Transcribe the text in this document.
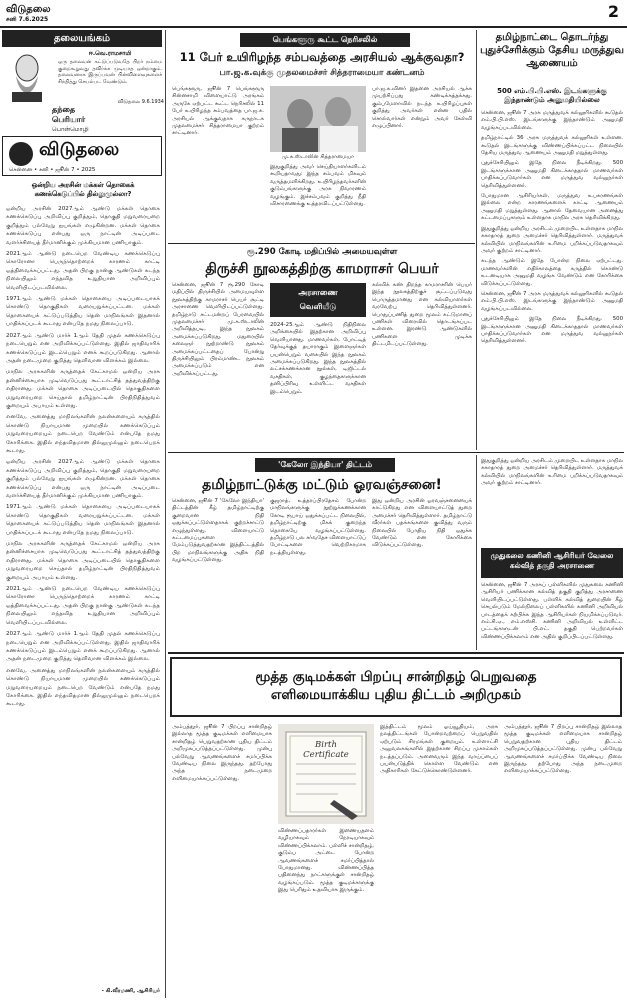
விடுதலை
சனி 7.6.2025	2
தலையங்கம்
ஈ.வெ.ராமசாமி
ஒரு தலைவன் கட்டுப்படுவதே பிறர் நம்மை குறைகூறுவது தவிர்க்க முடியாத ஒன்றாகும். தலைவனாக இருப்பவன் பின்விளைவுகளைச் சிந்தித்து செயல்பட வேண்டும்.
விடுதலை 9.6.1934
தந்தை
பெரியார்
பொன்மொழி
விடுதலை
சென்னை • சனி • ஜூன் 7 • 2025
ஒன்றிய அரசின் மக்கள் தொகைக் கணக்கெடுப்பில் தில்லுமுல்லா?

ஒன்றிய அரசின் 2027ஆம் ஆண்டு மக்கள் தொகை கணக்கெடுப்பு அறிவிப்பு குறித்தும், தொகுதி மறுவரையறை குறித்தும் பல்வேறு ஐயங்கள் எழுகின்றன. மக்கள் தொகை கணக்கெடுப்பு என்பது ஒரு நாட்டின் அடிப்படை வளர்ச்சியைத் தீர்மானிக்கும் முக்கியமான பணியாகும்.

2021ஆம் ஆண்டு நடைபெற வேண்டிய கணக்கெடுப்பு கொரோனா பெருந்தொற்றைக் காரணம் காட்டி ஒத்திவைக்கப்பட்டது. அதன் பிறகு நான்கு ஆண்டுகள் கடந்த நிலையிலும் எந்தவித உறுதியான அறிவிப்பும் வெளியிடப்படவில்லை.

1971ஆம் ஆண்டு மக்கள் தொகையை அடிப்படையாகக் கொண்டு தொகுதிகள் வரையறுக்கப்பட்டன. மக்கள் தொகையைக் கட்டுப்படுத்திய தென் மாநிலங்கள் இதனால் பாதிக்கப்படக் கூடாது என்பதே நமது நிலைப்பாடு.

2027ஆம் ஆண்டு மார்ச் 1ஆம் தேதி முதல் கணக்கெடுப்பு நடைபெறும் என அறிவிக்கப்பட்டுள்ளது. இதில் ஜாதிவாரிக் கணக்கெடுப்பும் இடம்பெறும் எனக் கூறப்படுகிறது. ஆனால் அதன் நடைமுறை குறித்து தெளிவான விளக்கம் இல்லை.

மாநில அரசுகளின் கருத்தைக் கேட்காமல் ஒன்றிய அரசு தன்னிச்சையாக முடிவெடுப்பது கூட்டாட்சித் தத்துவத்திற்கு எதிரானது. மக்கள் தொகை அடிப்படையில் தொகுதிகளை மறுவரையறை செய்தால் தமிழ்நாட்டின் பிரதிநிதித்துவம் குறையும் அபாயம் உள்ளது.

எனவே, அனைத்து மாநிலங்களின் நலன்களையும் கருத்தில் கொண்டு நியாயமான முறையில் கணக்கெடுப்பும் மறுவரையறையும் நடைபெற வேண்டும் என்பதே நமது கோரிக்கை. இதில் எந்தவிதமான தில்லுமுல்லும் நடைபெறக் கூடாது.

ஒன்றிய அரசின் 2027ஆம் ஆண்டு மக்கள் தொகை கணக்கெடுப்பு அறிவிப்பு குறித்தும், தொகுதி மறுவரையறை குறித்தும் பல்வேறு ஐயங்கள் எழுகின்றன. மக்கள் தொகை கணக்கெடுப்பு என்பது ஒரு நாட்டின் அடிப்படை வளர்ச்சியைத் தீர்மானிக்கும் முக்கியமான பணியாகும்.

1971ஆம் ஆண்டு மக்கள் தொகையை அடிப்படையாகக் கொண்டு தொகுதிகள் வரையறுக்கப்பட்டன. மக்கள் தொகையைக் கட்டுப்படுத்திய தென் மாநிலங்கள் இதனால் பாதிக்கப்படக் கூடாது என்பதே நமது நிலைப்பாடு.

மாநில அரசுகளின் கருத்தைக் கேட்காமல் ஒன்றிய அரசு தன்னிச்சையாக முடிவெடுப்பது கூட்டாட்சித் தத்துவத்திற்கு எதிரானது. மக்கள் தொகை அடிப்படையில் தொகுதிகளை மறுவரையறை செய்தால் தமிழ்நாட்டின் பிரதிநிதித்துவம் குறையும் அபாயம் உள்ளது.

2021ஆம் ஆண்டு நடைபெற வேண்டிய கணக்கெடுப்பு கொரோனா பெருந்தொற்றைக் காரணம் காட்டி ஒத்திவைக்கப்பட்டது. அதன் பிறகு நான்கு ஆண்டுகள் கடந்த நிலையிலும் எந்தவித உறுதியான அறிவிப்பும் வெளியிடப்படவில்லை.

2027ஆம் ஆண்டு மார்ச் 1ஆம் தேதி முதல் கணக்கெடுப்பு நடைபெறும் என அறிவிக்கப்பட்டுள்ளது. இதில் ஜாதிவாரிக் கணக்கெடுப்பும் இடம்பெறும் எனக் கூறப்படுகிறது. ஆனால் அதன் நடைமுறை குறித்து தெளிவான விளக்கம் இல்லை.

எனவே, அனைத்து மாநிலங்களின் நலன்களையும் கருத்தில் கொண்டு நியாயமான முறையில் கணக்கெடுப்பும் மறுவரையறையும் நடைபெற வேண்டும் என்பதே நமது கோரிக்கை. இதில் எந்தவிதமான தில்லுமுல்லும் நடைபெறக் கூடாது.

- கி.வீரமணி, ஆசிரியர்
பெங்களூரு கூட்ட நெரிசலில்
11 பேர் உயிரிழந்த சம்பவத்தை அரசியல் ஆக்குவதா?
பா.ஜ.க.வுக்கு முதலமைச்சர் சித்தராமையா கண்டனம்
பெங்களூரு, ஜூன் 7 பெங்களூரு சின்னசாமி விளையாட்டு அரங்கம் அருகே ஏற்பட்ட கூட்ட நெரிசலில் 11 பேர் உயிரிழந்த சம்பவத்தை பா.ஜ.க. அரசியல் ஆக்குவதாக கருநாடக முதலமைச்சர் சித்தராமையா குற்றம் சாட்டினார்.
மு.க.ஸ்டாலின் சித்தராமையா
இதுகுறித்து அவர் செய்தியாளர்களிடம் கூறியதாவது: இந்த சம்பவம் மிகவும் வருத்தமளிக்கிறது. உயிரிழந்தவர்களின் குடும்பங்களுக்கு அரசு நிவாரணம் வழங்கும். இச்சம்பவம் குறித்து நீதி விசாரணைக்கு உத்தரவிடப்பட்டுள்ளது.
பா.ஜ.க.வினர் இதனை அரசியல் ஆக்க முயற்சிப்பது கண்டிக்கத்தக்கது. கும்பமேளாவில் நடந்த உயிரிழப்புகள் குறித்து அவர்கள் என்ன பதில் சொல்வார்கள் என்றும் அவர் கேள்வி எழுப்பினார்.
ரூ.290 கோடி மதிப்பில் அமையவுள்ள
திருச்சி நூலகத்திற்கு காமராசர் பெயர்
சென்னை, ஜூன் 7 ரூ.290 கோடி மதிப்பில் திருச்சியில் அமையவுள்ள நூலகத்திற்கு காமராசர் பெயர் சூட்டி அரசாணை வெளியிடப்பட்டுள்ளது. தமிழ்நாடு சட்டமன்றப் பேரவையில் முதலமைச்சர் மு.க.ஸ்டாலின் அறிவித்தபடி, இந்த நூலகம் அமைக்கப்படுகிறது. மதுரையில் கலைஞர் நூற்றாண்டு நூலகம் அமைக்கப்பட்டதைப் போன்று திருச்சியிலும் பிரம்மாண்ட நூலகம் அமைக்கப்படும் என அறிவிக்கப்பட்டது.
அரசாணை
வெளியீடு
2024-25ஆம் ஆண்டு நிதிநிலை அறிக்கையில் இதற்கான அறிவிப்பு வெளியானது. மாணவர்கள், போட்டித் தேர்வுக்குத் தயாராகும் இளைஞர்கள் பயன்பெறும் வகையில் இந்த நூலகம் அமைக்கப்படுகிறது. இந்த நூலகத்தில் லட்சக்கணக்கான நூல்கள், டிஜிட்டல் வசதிகள், குழந்தைகளுக்கான தனிப்பிரிவு உள்ளிட்ட வசதிகள் இடம்பெறும்.
கல்விக் கண் திறந்த காமராசரின் பெயர் இந்த நூலகத்திற்குச் சூட்டப்படுவது பொருத்தமானது என கல்வியாளர்கள் வரவேற்பு தெரிவித்துள்ளனர். பொதுப்பணித் துறை மூலம் கட்டுமானப் பணிகள் விரைவில் தொடங்கப்பட உள்ளன. இரண்டு ஆண்டுகளில் பணிகளை முடிக்க திட்டமிடப்பட்டுள்ளது.
தமிழ்நாட்டை தொடர்ந்து புதுச்சேரிக்கும் தேசிய மருத்துவ ஆணையம்
500 எம்.பி.பி.எஸ். இடங்களுக்கு இந்தாண்டும் அனுமதியில்லை

சென்னை, ஜூன் 7 அரசு மருத்துவக் கல்லூரிகளில் கூடுதல் எம்.பி.பி.எஸ். இடங்களுக்கு இந்தாண்டும் அனுமதி வழங்கப்படவில்லை.

தமிழ்நாட்டில் 36 அரசு மருத்துவக் கல்லூரிகள் உள்ளன. கூடுதல் இடங்களுக்கு விண்ணப்பிக்கப்பட்ட நிலையில் தேசிய மருத்துவ ஆணையம் அனுமதி மறுத்துள்ளது.

புதுச்சேரியிலும் இதே நிலை நீடிக்கிறது. 500 இடங்களுக்கான அனுமதி கிடைக்காததால் மாணவர்கள் பாதிக்கப்படுவார்கள் என மருத்துவ வல்லுநர்கள் தெரிவித்துள்ளனர்.

போதுமான ஆசிரியர்கள், மருத்துவ உபகரணங்கள் இல்லை என்ற காரணங்களைக் காட்டி ஆணையம் அனுமதி மறுத்துள்ளது. ஆனால் தேவையான அனைத்து கட்டமைப்புகளும் உள்ளதாக மாநில அரசு தெரிவிக்கிறது.

இதுகுறித்து ஒன்றிய அரசிடம் முறையிட உள்ளதாக மாநில சுகாதாரத் துறை அமைச்சர் தெரிவித்துள்ளார். மருத்துவக் கல்வியில் மாநிலங்களின் உரிமை பறிக்கப்படுவதாகவும் அவர் குற்றம் சாட்டினார்.

கடந்த ஆண்டும் இதே போன்ற நிலை ஏற்பட்டது. மாணவர்களின் எதிர்காலத்தை கருத்தில் கொண்டு உடனடியாக அனுமதி வழங்க வேண்டும் என கோரிக்கை விடுக்கப்பட்டுள்ளது.

சென்னை, ஜூன் 7 அரசு மருத்துவக் கல்லூரிகளில் கூடுதல் எம்.பி.பி.எஸ். இடங்களுக்கு இந்தாண்டும் அனுமதி வழங்கப்படவில்லை.

புதுச்சேரியிலும் இதே நிலை நீடிக்கிறது. 500 இடங்களுக்கான அனுமதி கிடைக்காததால் மாணவர்கள் பாதிக்கப்படுவார்கள் என மருத்துவ வல்லுநர்கள் தெரிவித்துள்ளனர்.

'கேலோ இந்தியா' திட்டம்
தமிழ்நாட்டுக்கு மட்டும் ஓரவஞ்சனை!
சென்னை, ஜூன் 7 'கேலோ இந்தியா' திட்டத்தின் கீழ் தமிழ்நாட்டிற்கு குறைவான நிதி ஒதுக்கப்பட்டுள்ளதாகக் குற்றச்சாட்டு எழுந்துள்ளது. விளையாட்டு கட்டமைப்புகளை மேம்படுத்துவதற்கான இத்திட்டத்தில் பிற மாநிலங்களுக்கு அதிக நிதி வழங்கப்பட்டுள்ளது.
குஜராத், உத்தரப்பிரதேசம் போன்ற மாநிலங்களுக்கு நூற்றுக்கணக்கான கோடி ரூபாய் ஒதுக்கப்பட்ட நிலையில், தமிழ்நாட்டிற்கு மிகக் குறைந்த தொகையே வழங்கப்பட்டுள்ளது. தமிழ்நாடு பல சர்வதேச விளையாட்டுப் போட்டிகளை வெற்றிகரமாக நடத்தியுள்ளது.
இது ஒன்றிய அரசின் ஓரவஞ்சனையைக் காட்டுகிறது என விளையாட்டுத் துறை அமைச்சர் தெரிவித்துள்ளார். தமிழ்நாட்டு வீரர்கள் பதக்கங்களை குவித்து வரும் நிலையில் போதிய நிதி ஒதுக்க வேண்டும் என கோரிக்கை விடுக்கப்பட்டுள்ளது.
இதுகுறித்து ஒன்றிய அரசிடம் முறையிட உள்ளதாக மாநில சுகாதாரத் துறை அமைச்சர் தெரிவித்துள்ளார். மருத்துவக் கல்வியில் மாநிலங்களின் உரிமை பறிக்கப்படுவதாகவும் அவர் குற்றம் சாட்டினார்.
முதுகலை கணினி ஆசிரியர் வேலை கல்வித் தகுதி அரசாணை
சென்னை, ஜூன் 7 அரசுப் பள்ளிகளில் முதுகலை கணினி ஆசிரியர் பணிக்கான கல்வித் தகுதி குறித்து அரசாணை வெளியிடப்பட்டுள்ளது. பள்ளிக் கல்வித் துறையின் கீழ் செயல்படும் மேல்நிலைப் பள்ளிகளில் கணினி அறிவியல் பாடத்தைக் கற்பிக்க இந்த ஆசிரியர்கள் நியமிக்கப்படுவர். எம்.சி.ஏ., எம்.எஸ்சி. கணினி அறிவியல் உள்ளிட்ட பட்டங்களுடன் பி.எட். தகுதி பெற்றவர்கள் விண்ணப்பிக்கலாம் என அதில் குறிப்பிடப்பட்டுள்ளது.
மூத்த குடிமக்கள் பிறப்பு சான்றிதழ் பெறுவதை
எளிமையாக்கிய புதிய திட்டம் அறிமுகம்
அம்பத்தூர், ஜூன் 7 பிறப்பு சான்றிதழ் இல்லாத மூத்த குடிமக்கள் எளிமையாக சான்றிதழ் பெறுவதற்கான புதிய திட்டம் அறிமுகப்படுத்தப்பட்டுள்ளது. முன்பு பல்வேறு ஆவணங்களைச் சமர்ப்பிக்க வேண்டிய நிலை இருந்தது. தற்போது அந்த நடைமுறை எளிமையாக்கப்பட்டுள்ளது.
Birth Certificate
விண்ணப்பதாரர்கள் இணையதளம் வழியாகவும் நேரடியாகவும் விண்ணப்பிக்கலாம். பள்ளிச் சான்றிதழ், குடும்ப அட்டை போன்ற ஆவணங்களைச் சமர்ப்பித்தால் போதுமானது. விண்ணப்பித்த பதினைந்து நாட்களுக்குள் சான்றிதழ் வழங்கப்படும். மூத்த குடிமக்களுக்கு இது பெரிதும் உதவியாக இருக்கும்.
இத்திட்டம் மூலம் ஓய்வூதியம், அரசு நலத்திட்டங்கள் போன்றவற்றைப் பெறுவதில் ஏற்படும் சிரமங்கள் குறையும். உள்ளாட்சி அலுவலகங்களில் இதற்கான சிறப்பு முகாம்கள் நடத்தப்படும். அனைவரும் இந்த வாய்ப்பைப் பயன்படுத்திக் கொள்ள வேண்டும் என அதிகாரிகள் கேட்டுக்கொண்டுள்ளனர்.
அம்பத்தூர், ஜூன் 7 பிறப்பு சான்றிதழ் இல்லாத மூத்த குடிமக்கள் எளிமையாக சான்றிதழ் பெறுவதற்கான புதிய திட்டம் அறிமுகப்படுத்தப்பட்டுள்ளது. முன்பு பல்வேறு ஆவணங்களைச் சமர்ப்பிக்க வேண்டிய நிலை இருந்தது. தற்போது அந்த நடைமுறை எளிமையாக்கப்பட்டுள்ளது.
